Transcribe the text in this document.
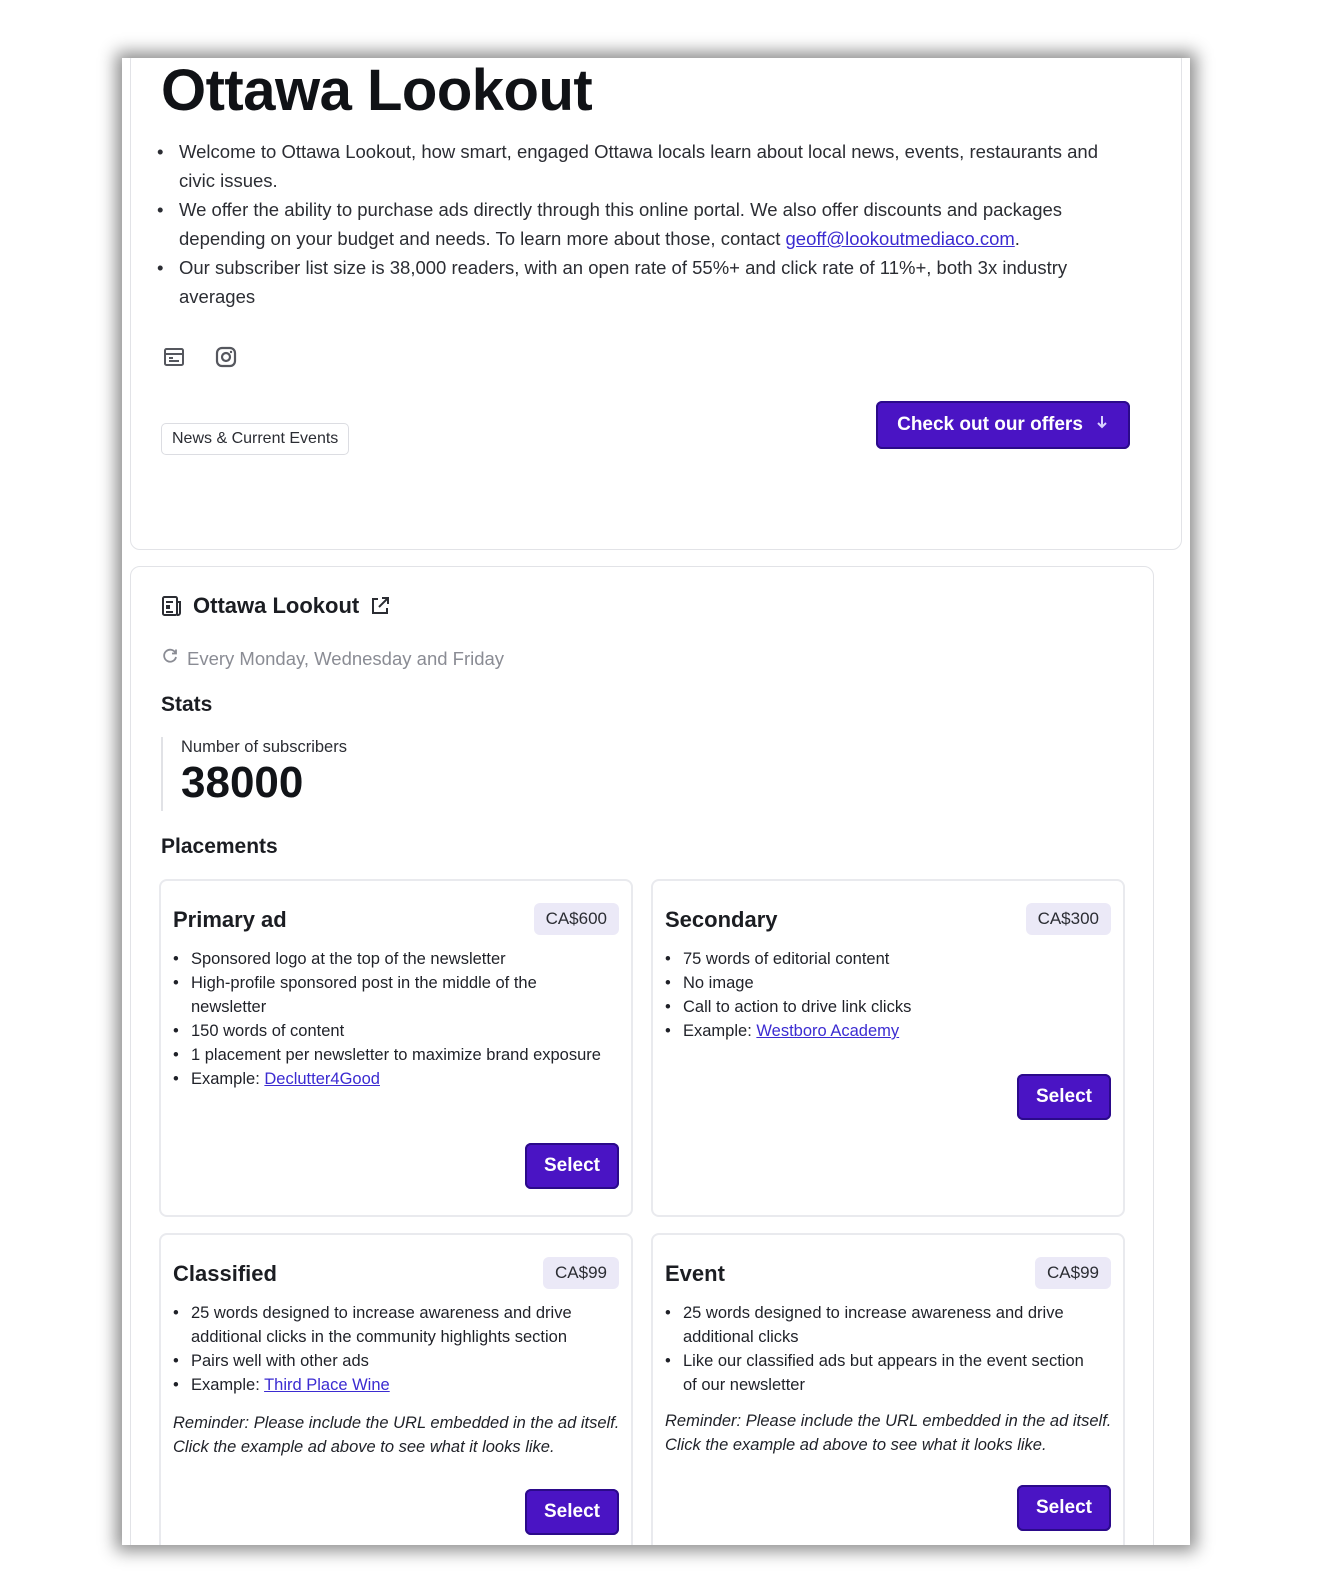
Ottawa Lookout
• Welcome to Ottawa Lookout, how smart, engaged Ottawa locals learn about local news, events, restaurants and civic issues.
• We offer the ability to purchase ads directly through this online portal. We also offer discounts and packages depending on your budget and needs. To learn more about those, contact geoff@lookoutmediaco.com.
• Our subscriber list size is 38,000 readers, with an open rate of 55%+ and click rate of 11%+, both 3x industry averages
News & Current Events
Check out our offers
Ottawa Lookout
Every Monday, Wednesday and Friday
Stats
Number of subscribers
38000
Placements
Primary ad	CA$600
• Sponsored logo at the top of the newsletter
• High-profile sponsored post in the middle of the newsletter
• 150 words of content
• 1 placement per newsletter to maximize brand exposure
• Example: Declutter4Good
Select
Secondary	CA$300
• 75 words of editorial content
• No image
• Call to action to drive link clicks
• Example: Westboro Academy
Select
Classified	CA$99
• 25 words designed to increase awareness and drive additional clicks in the community highlights section
• Pairs well with other ads
• Example: Third Place Wine

Reminder: Please include the URL embedded in the ad itself. Click the example ad above to see what it looks like.

Select
Event	CA$99
• 25 words designed to increase awareness and drive additional clicks
• Like our classified ads but appears in the event section of our newsletter

Reminder: Please include the URL embedded in the ad itself. Click the example ad above to see what it looks like.

Select
